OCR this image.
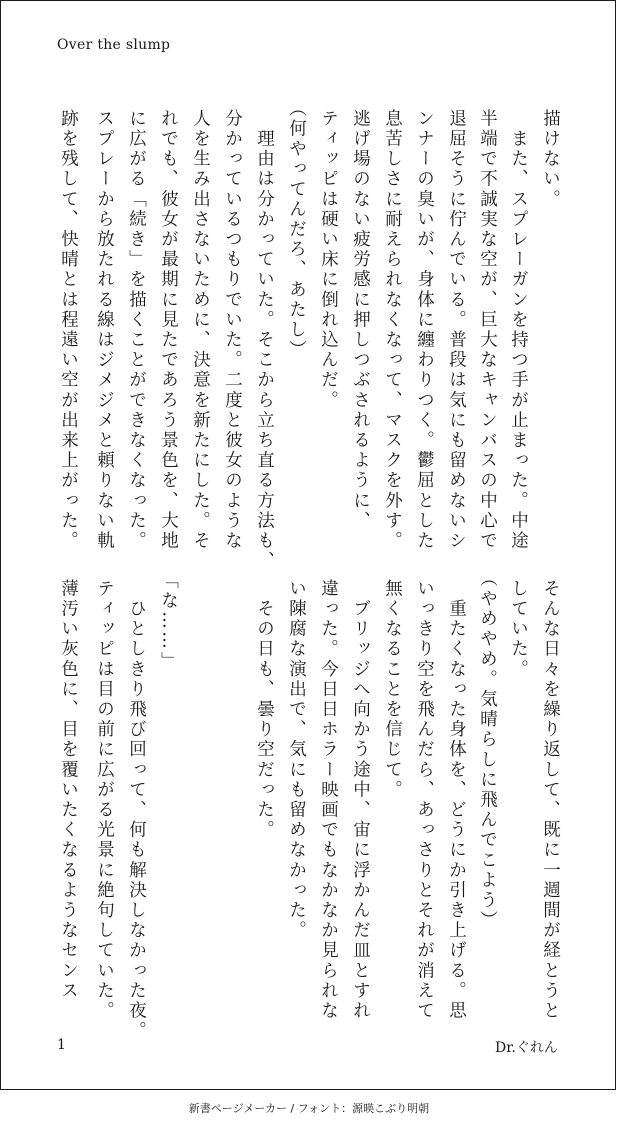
Over the slump
描けない。
　また、スプレーガンを持つ手が止まった。中途
半端で不誠実な空が、巨大なキャンバスの中心で
退屈そうに佇んでいる。普段は気にも留めないシ
ンナーの臭いが、身体に纏わりつく。鬱屈とした
息苦しさに耐えられなくなって、マスクを外す。
逃げ場のない疲労感に押しつぶされるように、
ティッピは硬い床に倒れ込んだ。
（何やってんだろ、あたし）
　理由は分かっていた。そこから立ち直る方法も、
分かっているつもりでいた。二度と彼女のような
人を生み出さないために、決意を新たにした。そ
れでも、彼女が最期に見たであろう景色を、大地
に広がる「続き」を描くことができなくなった。
スプレーから放たれる線はジメジメと頼りない軌
跡を残して、快晴とは程遠い空が出来上がった。
そんな日々を繰り返して、既に一週間が経とうと
していた。
（やめやめ。気晴らしに飛んでこよう）
　重たくなった身体を、どうにか引き上げる。思
いっきり空を飛んだら、あっさりとそれが消えて
無くなることを信じて。
　ブリッジへ向かう途中、宙に浮かんだ皿とすれ
違った。今日日ホラー映画でもなかなか見られな
い陳腐な演出で、気にも留めなかった。
　その日も、曇り空だった。
「な……」
　ひとしきり飛び回って、何も解決しなかった夜。
ティッピは目の前に広がる光景に絶句していた。
薄汚い灰色に、目を覆いたくなるようなセンス
1	Dr.ぐれん
新書ページメーカー / フォント：源暎こぶり明朝
